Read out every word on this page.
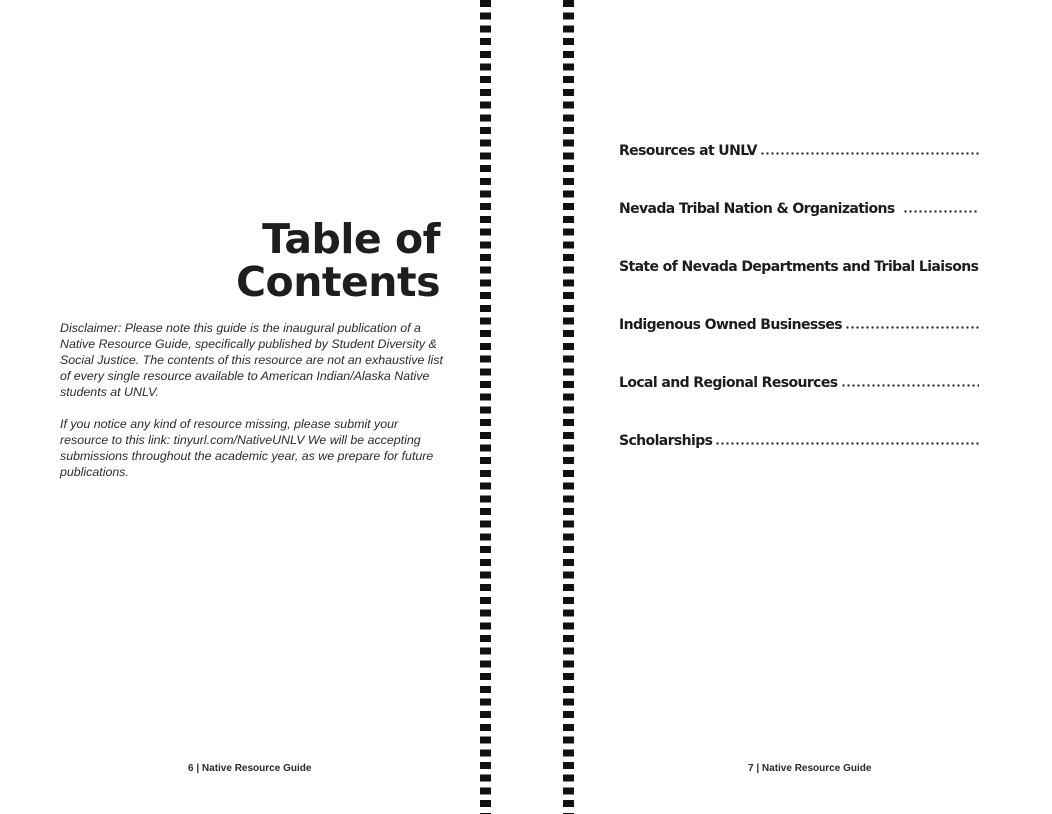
Table of
Contents

Disclaimer: Please note this guide is the inaugural publication of a Native Resource Guide, specifically published by Student Diversity & Social Justice. The contents of this resource are not an exhaustive list of every single resource available to American Indian/Alaska Native students at UNLV.

If you notice any kind of resource missing, please submit your resource to this link: tinyurl.com/NativeUNLV We will be accepting submissions throughout the academic year, as we prepare for future publications.

6 | Native Resource Guide
Resources at UNLV
Nevada Tribal Nation & Organizations
State of Nevada Departments and Tribal Liaisons
Indigenous Owned Businesses
Local and Regional Resources
Scholarships
7 | Native Resource Guide
